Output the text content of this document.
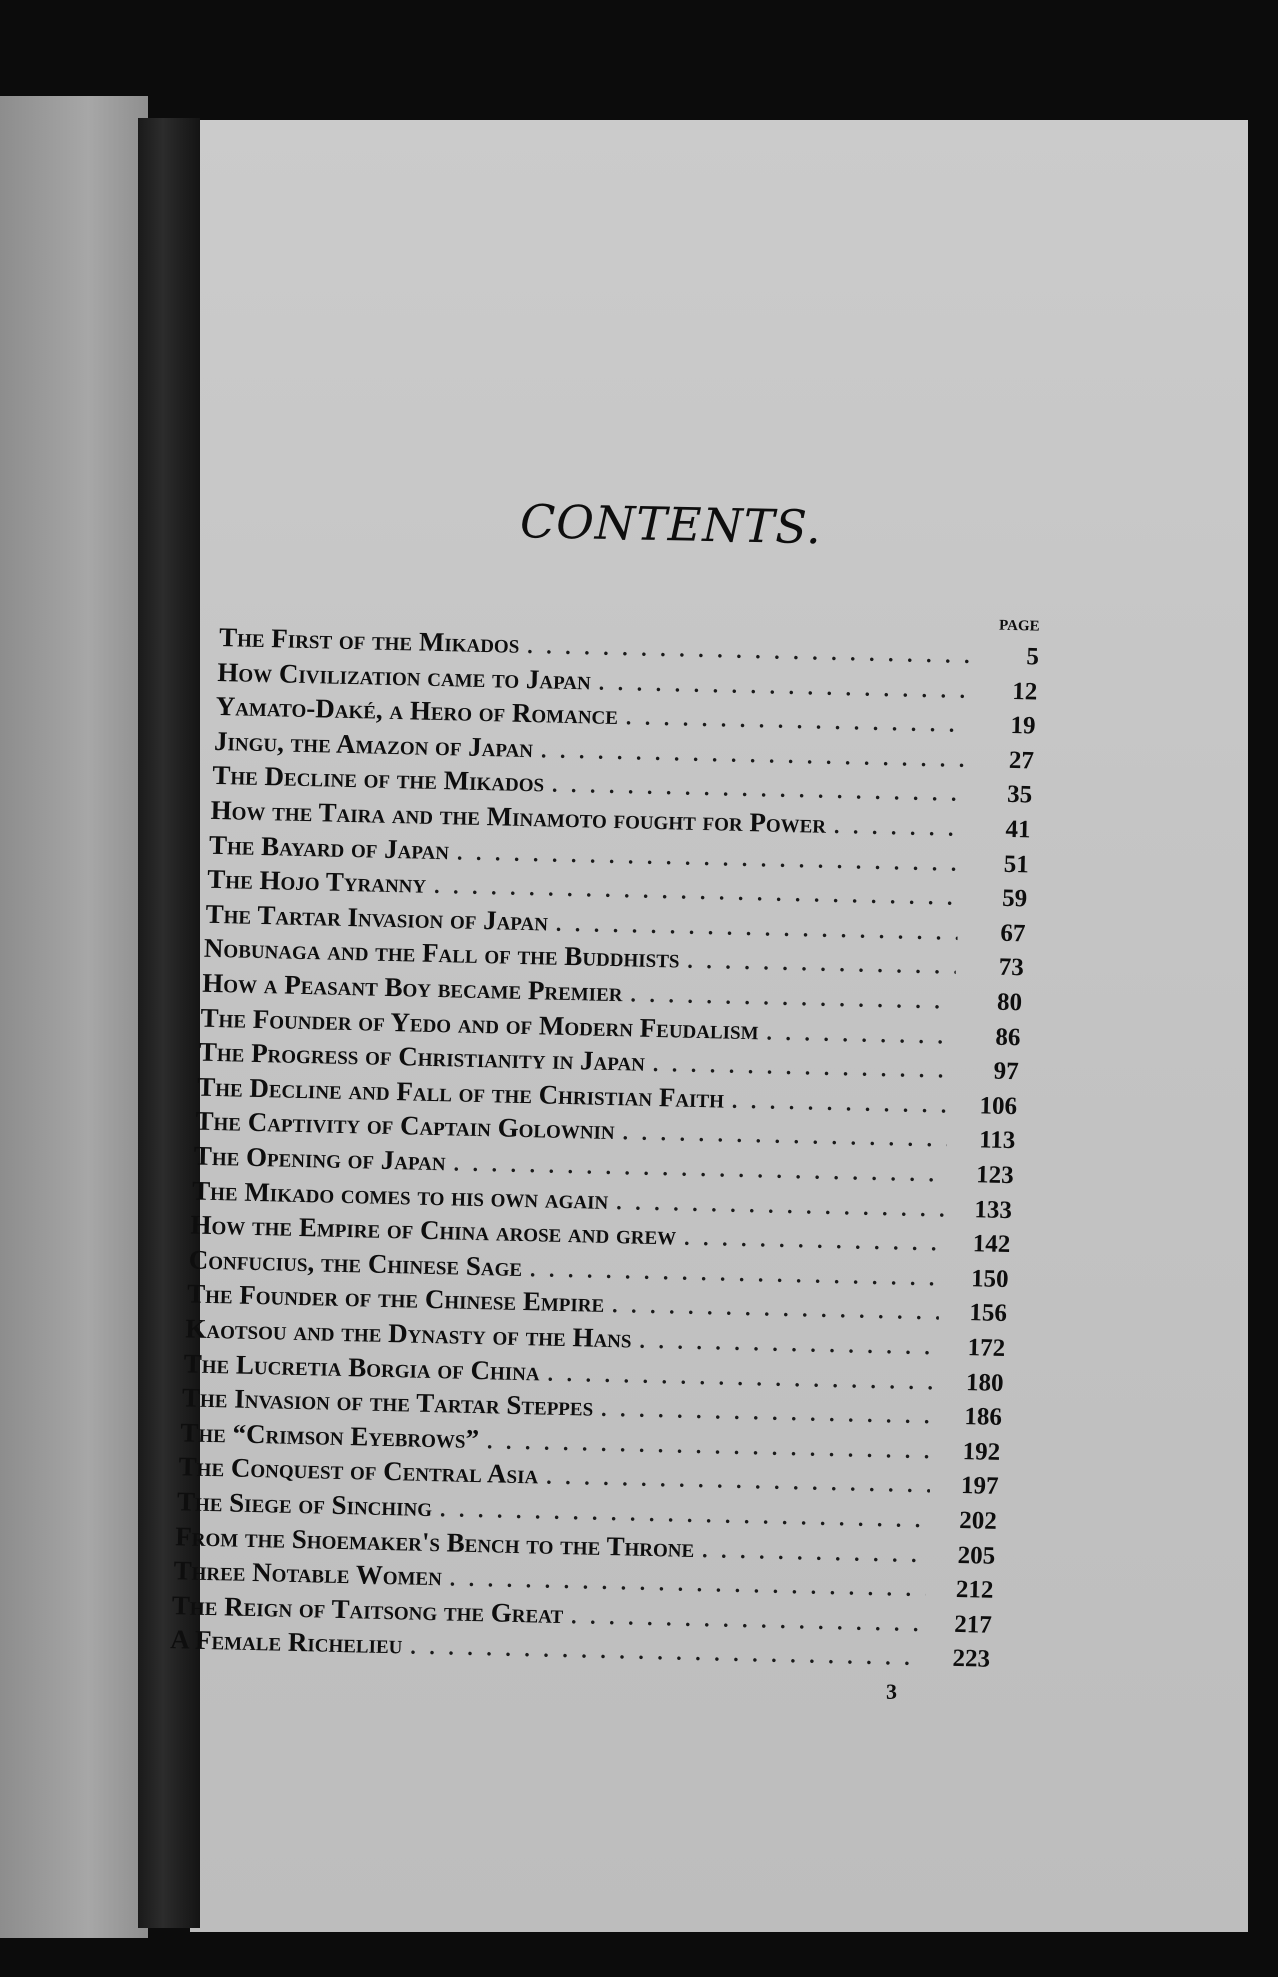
CONTENTS.
PAGE
The First of the Mikados . . .	5
How Civilization came to Japan . . .	12
Yamato-Daké, a Hero of Romance . . .	19
Jingu, the Amazon of Japan . . .	27
The Decline of the Mikados . . .	35
How the Taira and the Minamoto fought for Power . . .	41
The Bayard of Japan . . .	51
The Hojo Tyranny . . .	59
The Tartar Invasion of Japan . . .	67
Nobunaga and the Fall of the Buddhists . . .	73
How a Peasant Boy became Premier . . .	80
The Founder of Yedo and of Modern Feudalism . . .	86
The Progress of Christianity in Japan . . .	97
The Decline and Fall of the Christian Faith . . .	106
The Captivity of Captain Golownin . . .	113
The Opening of Japan . . .	123
The Mikado comes to his own again . . .	133
How the Empire of China arose and grew . . .	142
Confucius, the Chinese Sage . . .	150
The Founder of the Chinese Empire . . .	156
Kaotsou and the Dynasty of the Hans . . .	172
The Lucretia Borgia of China . . .	180
The Invasion of the Tartar Steppes . . .	186
The “Crimson Eyebrows” . . .	192
The Conquest of Central Asia . . .	197
The Siege of Sinching . . .	202
From the Shoemaker's Bench to the Throne . . .	205
Three Notable Women . . .	212
The Reign of Taitsong the Great . . .	217
A Female Richelieu . . .	223
3
